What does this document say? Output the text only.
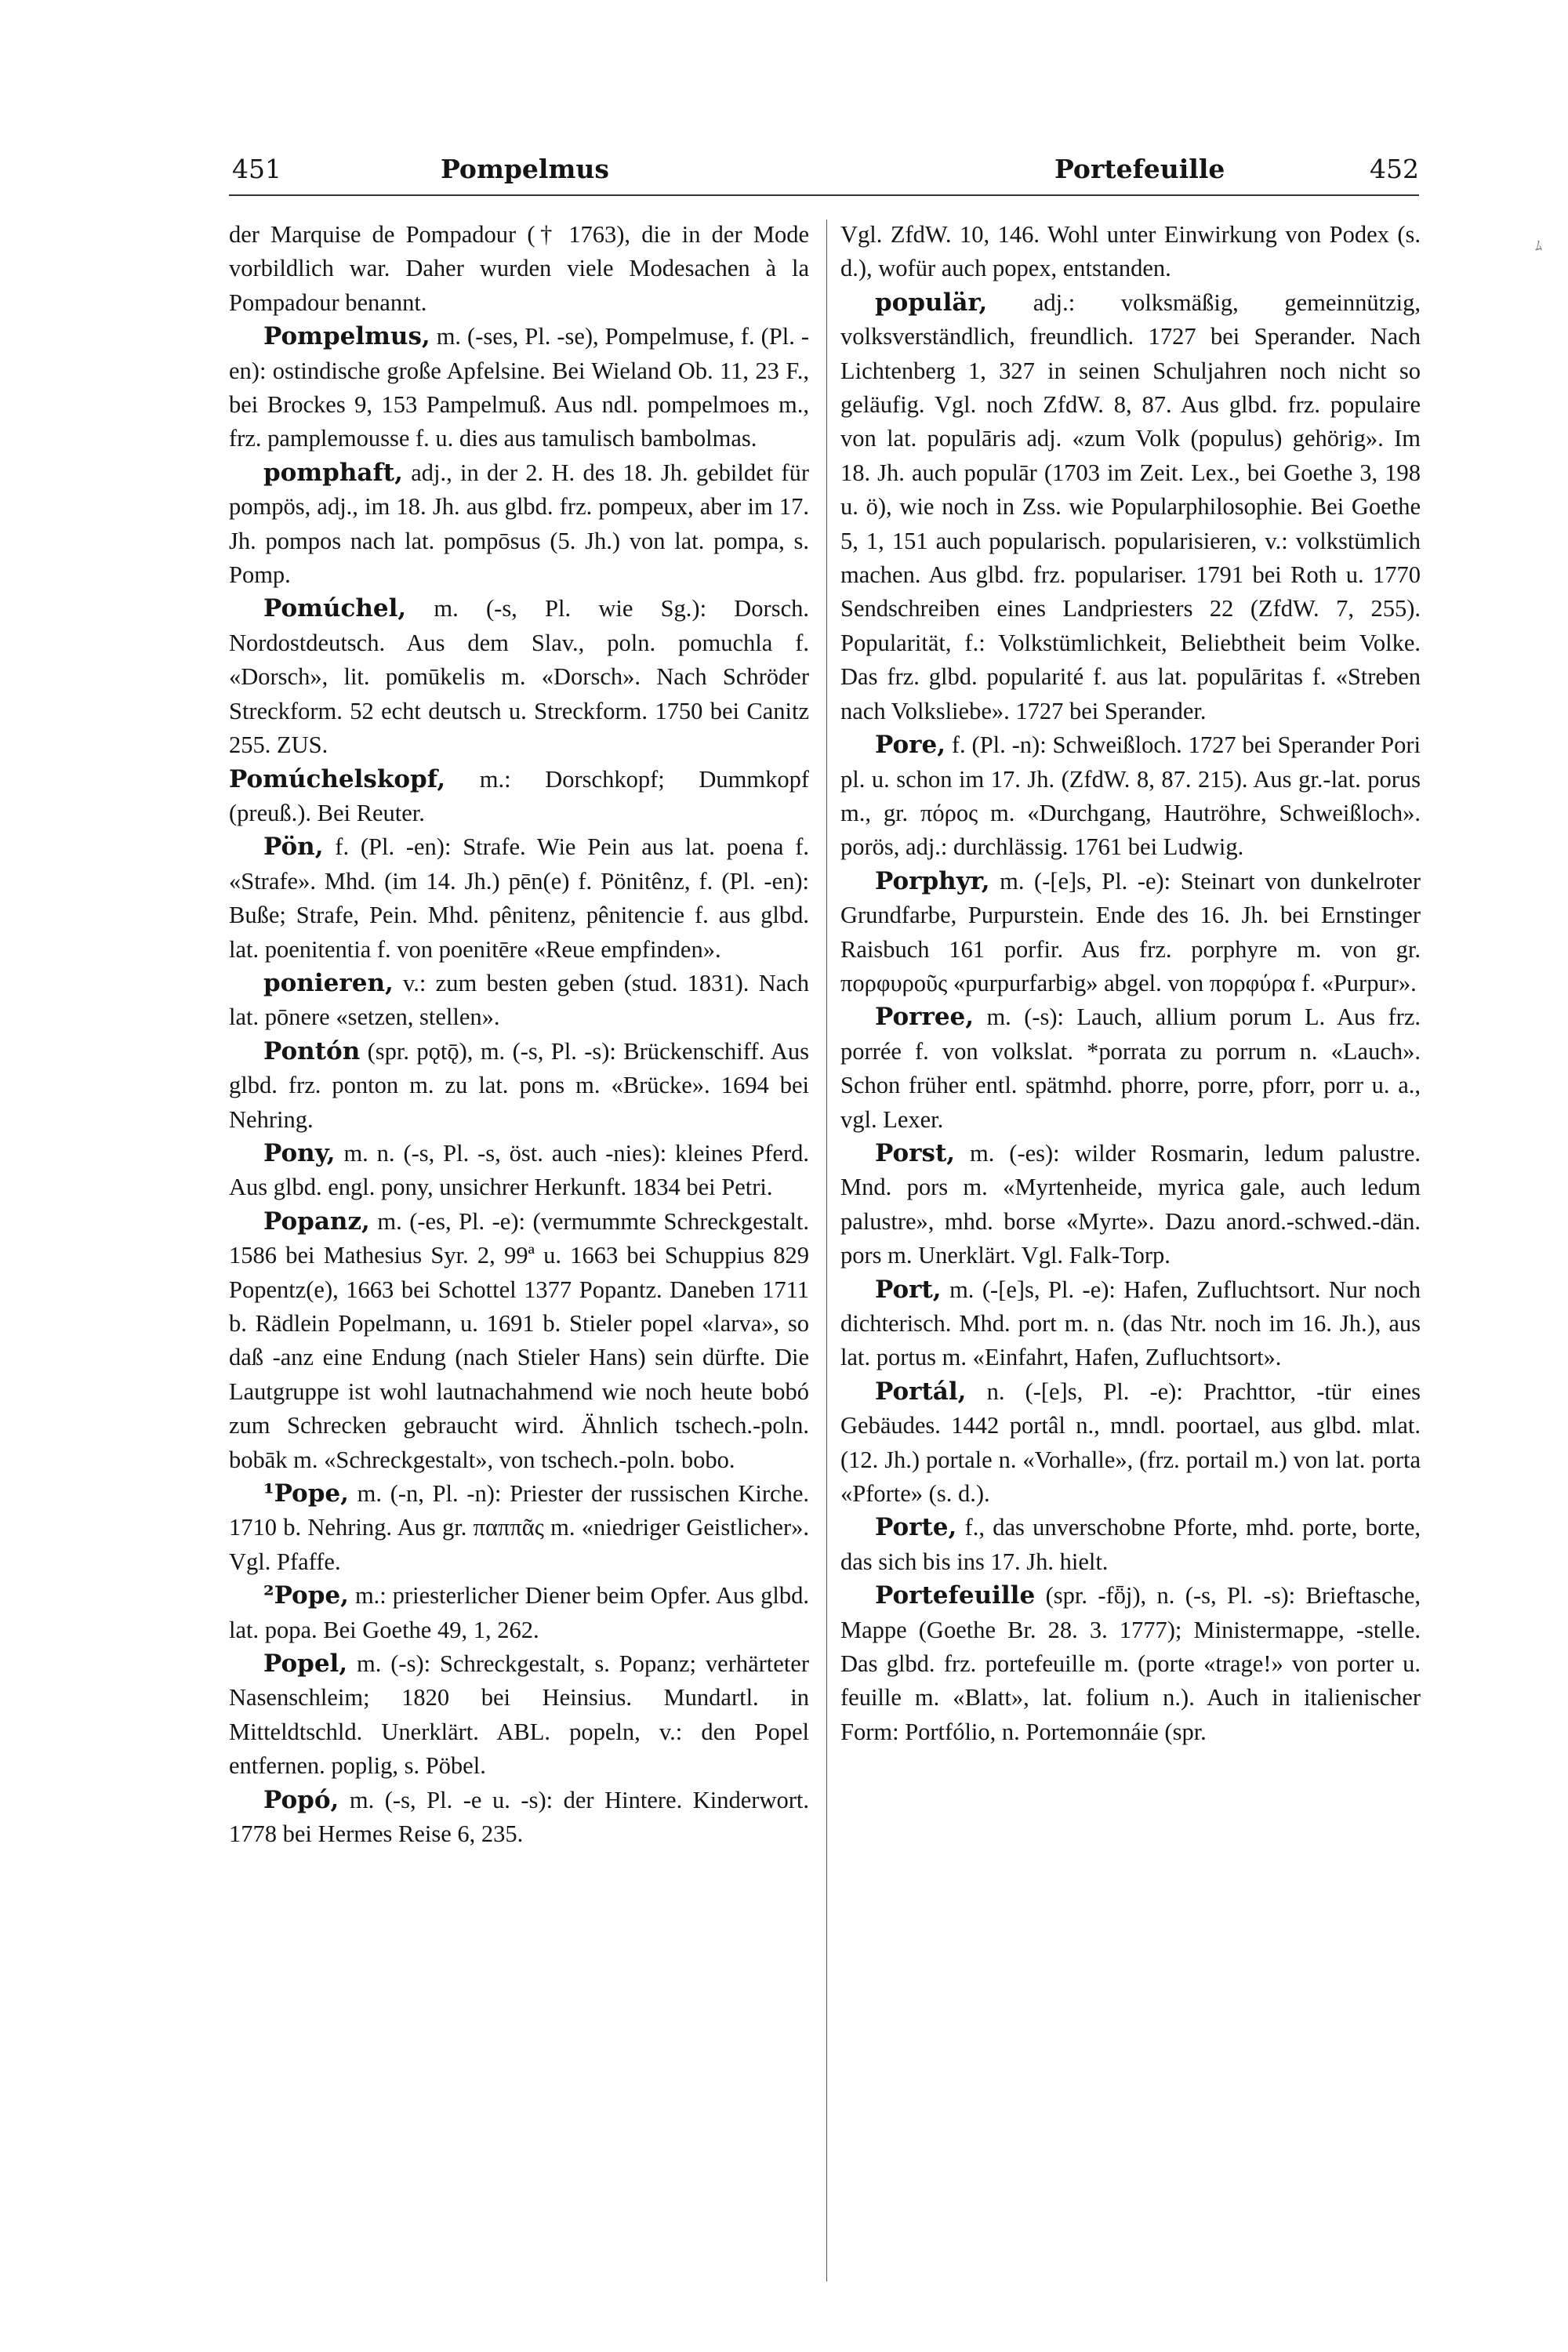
451	Pompelmus	Portefeuille	452
ﾑ

der Marquise de Pompadour († 1763), die in der Mode vorbildlich war. Daher wurden viele Modesachen à la Pompadour benannt.

Pompelmus, m. (-ses, Pl. -se), Pompelmuse, f. (Pl. -en): ostindische große Apfelsine. Bei Wieland Ob. 11, 23 F., bei Brockes 9, 153 Pampelmuß. Aus ndl. pompelmoes m., frz. pamplemousse f. u. dies aus tamulisch bambolmas.

pomphaft, adj., in der 2. H. des 18. Jh. gebildet für pompös, adj., im 18. Jh. aus glbd. frz. pompeux, aber im 17. Jh. pompos nach lat. pompōsus (5. Jh.) von lat. pompa, s. Pomp.

Pomúchel, m. (-s, Pl. wie Sg.): Dorsch. Nordostdeutsch. Aus dem Slav., poln. pomuchla f. «Dorsch», lit. pomūkelis m. «Dorsch». Nach Schröder Streckform. 52 echt deutsch u. Streckform. 1750 bei Canitz 255. ZUS.

Pomúchelskopf, m.: Dorschkopf; Dummkopf (preuß.). Bei Reuter.

Pön, f. (Pl. -en): Strafe. Wie Pein aus lat. poena f. «Strafe». Mhd. (im 14. Jh.) pēn(e) f. Pönitênz, f. (Pl. -en): Buße; Strafe, Pein. Mhd. pênitenz, pênitencie f. aus glbd. lat. poenitentia f. von poenitēre «Reue empfinden».

ponieren, v.: zum besten geben (stud. 1831). Nach lat. pōnere «setzen, stellen».

Pontón (spr. pǫtǭ), m. (-s, Pl. -s): Brückenschiff. Aus glbd. frz. ponton m. zu lat. pons m. «Brücke». 1694 bei Nehring.

Pony, m. n. (-s, Pl. -s, öst. auch -nies): kleines Pferd. Aus glbd. engl. pony, unsichrer Herkunft. 1834 bei Petri.

Popanz, m. (-es, Pl. -e): (vermummte Schreckgestalt. 1586 bei Mathesius Syr. 2, 99ª u. 1663 bei Schuppius 829 Popentz(e), 1663 bei Schottel 1377 Popantz. Daneben 1711 b. Rädlein Popelmann, u. 1691 b. Stieler popel «larva», so daß -anz eine Endung (nach Stieler Hans) sein dürfte. Die Lautgruppe ist wohl lautnachahmend wie noch heute bobó zum Schrecken gebraucht wird. Ähnlich tschech.-poln. bobāk m. «Schreckgestalt», von tschech.-poln. bobo.

¹Pope, m. (-n, Pl. -n): Priester der russischen Kirche. 1710 b. Nehring. Aus gr. παππᾶς m. «niedriger Geistlicher». Vgl. Pfaffe.

²Pope, m.: priesterlicher Diener beim Opfer. Aus glbd. lat. popa. Bei Goethe 49, 1, 262.

Popel, m. (-s): Schreckgestalt, s. Popanz; verhärteter Nasenschleim; 1820 bei Heinsius. Mundartl. in Mitteldtschld. Unerklärt. ABL. popeln, v.: den Popel entfernen. poplig, s. Pöbel.

Popó, m. (-s, Pl. -e u. -s): der Hintere. Kinderwort. 1778 bei Hermes Reise 6, 235.

Vgl. ZfdW. 10, 146. Wohl unter Einwirkung von Podex (s. d.), wofür auch popex, entstanden.

populär, adj.: volksmäßig, gemeinnützig, volksverständlich, freundlich. 1727 bei Sperander. Nach Lichtenberg 1, 327 in seinen Schuljahren noch nicht so geläufig. Vgl. noch ZfdW. 8, 87. Aus glbd. frz. populaire von lat. populāris adj. «zum Volk (populus) gehörig». Im 18. Jh. auch populār (1703 im Zeit. Lex., bei Goethe 3, 198 u. ö), wie noch in Zss. wie Popularphilosophie. Bei Goethe 5, 1, 151 auch popularisch. popularisieren, v.: volkstümlich machen. Aus glbd. frz. populariser. 1791 bei Roth u. 1770 Sendschreiben eines Landpriesters 22 (ZfdW. 7, 255). Popularität, f.: Volkstümlichkeit, Beliebtheit beim Volke. Das frz. glbd. popularité f. aus lat. populāritas f. «Streben nach Volksliebe». 1727 bei Sperander.

Pore, f. (Pl. -n): Schweißloch. 1727 bei Sperander Pori pl. u. schon im 17. Jh. (ZfdW. 8, 87. 215). Aus gr.-lat. porus m., gr. πόρος m. «Durchgang, Hautröhre, Schweißloch». porös, adj.: durchlässig. 1761 bei Ludwig.

Porphyr, m. (-[e]s, Pl. -e): Steinart von dunkelroter Grundfarbe, Purpurstein. Ende des 16. Jh. bei Ernstinger Raisbuch 161 porfir. Aus frz. porphyre m. von gr. πορφυροῦς «purpurfarbig» abgel. von πορφύρα f. «Purpur».

Porree, m. (-s): Lauch, allium porum L. Aus frz. porrée f. von volkslat. *porrata zu porrum n. «Lauch». Schon früher entl. spätmhd. phorre, porre, pforr, porr u. a., vgl. Lexer.

Porst, m. (-es): wilder Rosmarin, ledum palustre. Mnd. pors m. «Myrtenheide, myrica gale, auch ledum palustre», mhd. borse «Myrte». Dazu anord.-schwed.-dän. pors m. Unerklärt. Vgl. Falk-Torp.

Port, m. (-[e]s, Pl. -e): Hafen, Zufluchtsort. Nur noch dichterisch. Mhd. port m. n. (das Ntr. noch im 16. Jh.), aus lat. portus m. «Einfahrt, Hafen, Zufluchtsort».

Portál, n. (-[e]s, Pl. -e): Prachttor, -tür eines Gebäudes. 1442 portâl n., mndl. poortael, aus glbd. mlat. (12. Jh.) portale n. «Vorhalle», (frz. portail m.) von lat. porta «Pforte» (s. d.).

Porte, f., das unverschobne Pforte, mhd. porte, borte, das sich bis ins 17. Jh. hielt.

Portefeuille (spr. -fȫj), n. (-s, Pl. -s): Brieftasche, Mappe (Goethe Br. 28. 3. 1777); Ministermappe, -stelle. Das glbd. frz. portefeuille m. (porte «trage!» von porter u. feuille m. «Blatt», lat. folium n.). Auch in italienischer Form: Portfólio, n. Portemonnáie (spr.
